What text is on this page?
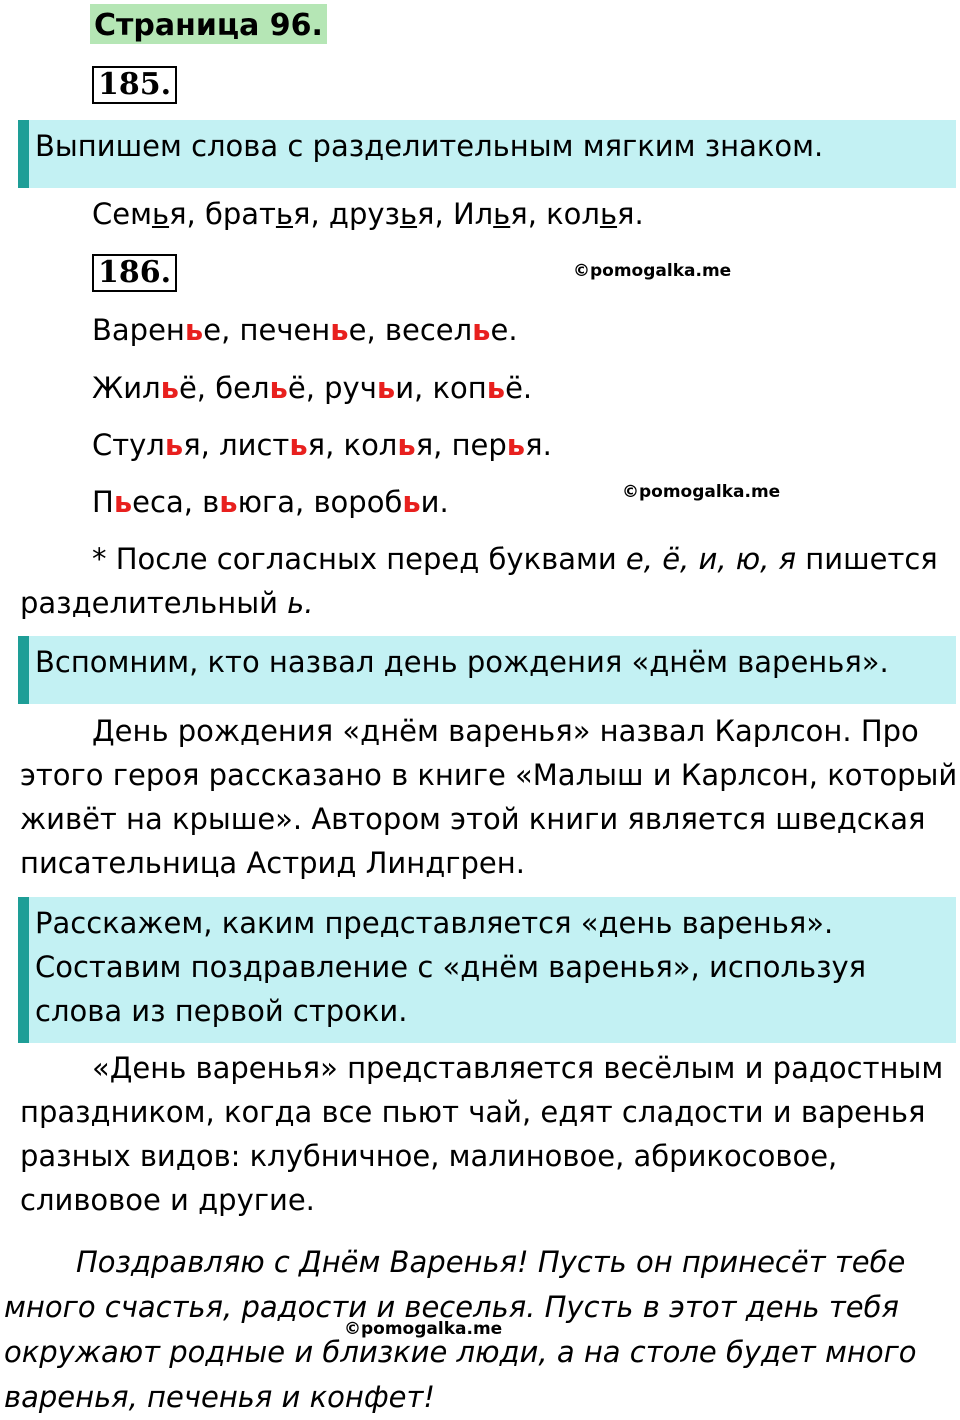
Страница 96.
185.
Выпишем слова с разделительным мягким знаком.
Семья, братья, друзья, Илья, колья.
186.	©pomogalka.me
Варенье, печенье, веселье.
Жильё, бельё, ручьи, копьё.
Стулья, листья, колья, перья.
Пьеса, вьюга, воробьи.	©pomogalka.me
* После согласных перед буквами е, ё, и, ю, я пишется разделительный ь.
Вспомним, кто назвал день рождения «днём варенья».
День рождения «днём варенья» назвал Карлсон. Про этого героя рассказано в книге «Малыш и Карлсон, который живёт на крыше». Автором этой книги является шведская писательница Астрид Линдгрен.
Расскажем, каким представляется «день варенья».
Составим поздравление с «днём варенья», используя
слова из первой строки.
«День варенья» представляется весёлым и радостным праздником, когда все пьют чай, едят сладости и варенья разных видов: клубничное, малиновое, абрикосовое, сливовое и другие.
Поздравляю с Днём Варенья! Пусть он принесёт тебе много счастья, радости и веселья. Пусть в этот день тебя окружают родные и близкие люди, а на столе будет много варенья, печенья и конфет!
©pomogalka.me
